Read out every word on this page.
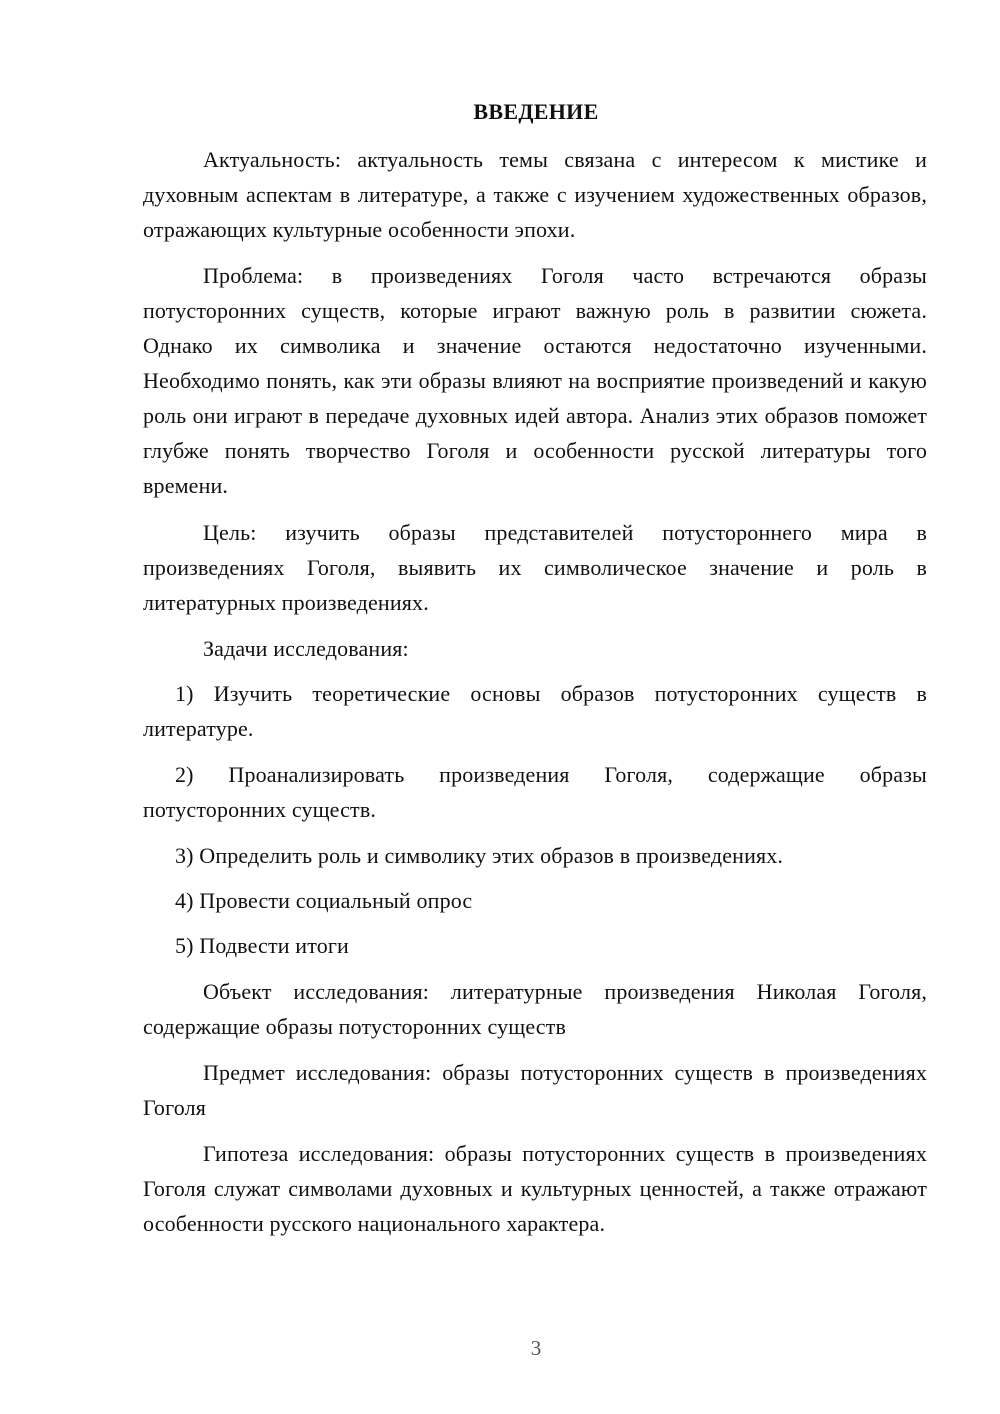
ВВЕДЕНИЕ

Актуальность: актуальность темы связана с интересом к мистике и духовным аспектам в литературе, а также с изучением художественных образов, отражающих культурные особенности эпохи.

Проблема: в произведениях Гоголя часто встречаются образы потусторонних существ, которые играют важную роль в развитии сюжета. Однако их символика и значение остаются недостаточно изученными. Необходимо понять, как эти образы влияют на восприятие произведений и какую роль они играют в передаче духовных идей автора. Анализ этих образов поможет глубже понять творчество Гоголя и особенности русской литературы того времени.

Цель: изучить образы представителей потустороннего мира в произведениях Гоголя, выявить их символическое значение и роль в литературных произведениях.

Задачи исследования:

1) Изучить теоретические основы образов потусторонних существ в литературе.

2) Проанализировать произведения Гоголя, содержащие образы потусторонних существ.

3) Определить роль и символику этих образов в произведениях.

4) Провести социальный опрос

5) Подвести итоги

Объект исследования: литературные произведения Николая Гоголя, содержащие образы потусторонних существ

Предмет исследования: образы потусторонних существ в произведениях Гоголя

Гипотеза исследования: образы потусторонних существ в произведениях Гоголя служат символами духовных и культурных ценностей, а также отражают особенности русского национального характера.

3
